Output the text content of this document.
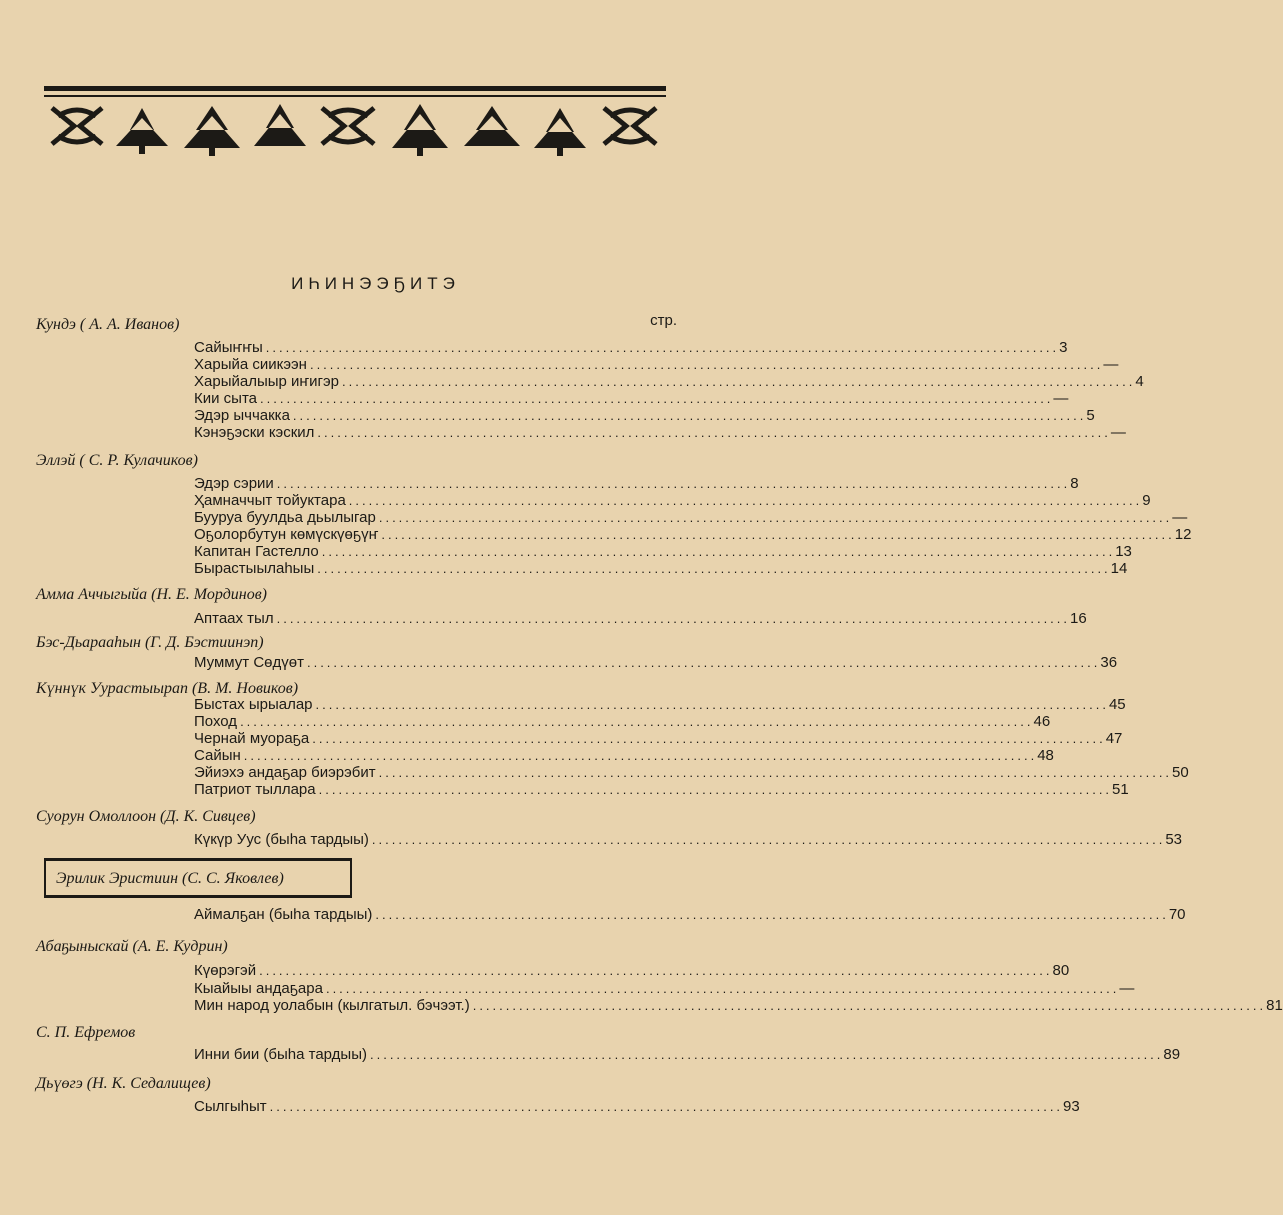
ИҺИНЭЭҔИТЭ
стр.
Кундэ ( А. А. Иванов)
Сайыҥҥы ........................................................................................................................ 3
Харыйа сиикээн ........................................................................................................................ —
Харыйалыыр иҥигэр ........................................................................................................................ 4
Кии сыта ........................................................................................................................ —
Эдэр ыччакка ........................................................................................................................ 5
Кэнэҕэски кэскил ........................................................................................................................ —
Эллэй ( С. Р. Кулачиков)
Эдэр сэрии ........................................................................................................................ 8
Ҳамначчыт тойуктара ........................................................................................................................ 9
Бууруа буулдьа дьылыгар ........................................................................................................................ —
Оҕолорбутун көмүскүөҕүҥ ........................................................................................................................ 12
Капитан Гастелло ........................................................................................................................ 13
Бырастыылаһыы ........................................................................................................................ 14
Амма Аччыгыйа (Н. Е. Мординов)
Аптаах тыл ........................................................................................................................ 16
Бэс-Дьарааһын (Г. Д. Бэстиинэп)
Муммут Сөдүөт ........................................................................................................................ 36
Күннүк Уурастыырап (В. М. Новиков)
Быстах ырыалар ........................................................................................................................ 45
Поход ........................................................................................................................ 46
Чернай муораҕа ........................................................................................................................ 47
Сайын ........................................................................................................................ 48
Эйиэхэ андаҕар биэрэбит ........................................................................................................................ 50
Патриот тыллара ........................................................................................................................ 51
Суорун Омоллоон (Д. К. Сивцев)
Күкүр Уус (быһа тардыы) ........................................................................................................................ 53
Эрилик Эристиин (С. С. Яковлев)
Аймалҕан (быһа тардыы) ........................................................................................................................ 70
Абаҕыныскай (А. Е. Кудрин)
Күөрэгэй ........................................................................................................................ 80
Кыайыы андаҕара ........................................................................................................................ —
Мин народ уолабын (кылгатыл. бэчээт.) ........................................................................................................................ 81
С. П. Ефремов
Инни бии (быһа тардыы) ........................................................................................................................ 89
Дьүөгэ (Н. К. Седалищев)
Сылгыһыт ........................................................................................................................ 93
